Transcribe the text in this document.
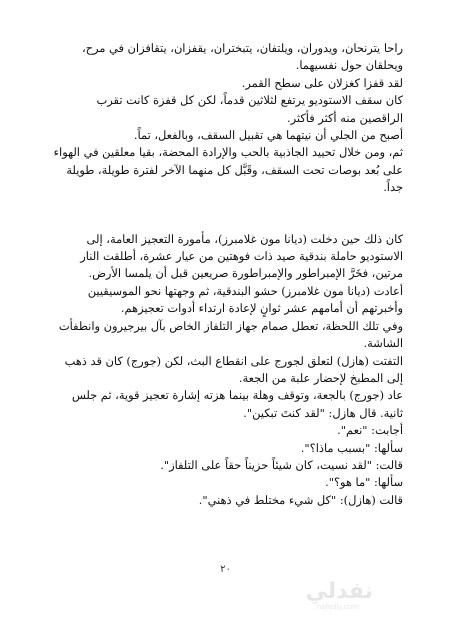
راحا يترنحان، ويدوران، ويلتفان، يتبختران، يقفزان، يتقافزان في مرح، ويحلقان حول نفسيهما.

لقد قفزا كغزلان على سطح القمر.

كان سقف الاستوديو يرتفع لثلاثين قدماً، لكن كل قفزة كانت تقرب الراقصين منه أكثر فأكثر.

أصبح من الجلي أن نيتهما هي تقبيل السقف، وبالفعل، تماً.

ثم، ومن خلال تحييد الجاذبية بالحب والإرادة المحضة، بقيا معلقين في الهواء على بُعد بوصات تحت السقف، وقَبَّل كل منهما الآخر لفترة طويلة، طويلة جداً.

كان ذلك حين دخلت (ديانا مون غلامبرز)، مأمورة التعجيز العامة، إلى الاستوديو حاملة بندقية صيد ذات فوهتين من عيار عشرة، أطلقت النار مرتين، فخَرَّ الإمبراطور والإمبراطورة صريعين قبل أن يلمسا الأرض.

أعادت (ديانا مون غلامبرز) حشو البندقية، ثم وجهتها نحو الموسيقيين وأخبرتهم أن أمامهم عشر ثوانٍ لإعادة ارتداء أدوات تعجيزهم.

وفي تلك اللحظة، تعطل صمام جهاز التلفاز الخاص بآل بيرجيرون وانطفأت الشاشة.

التفتت (هازل) لتعلق لجورج على انقطاع البث، لكن (جورج) كان قد ذهب إلى المطبخ لإحضار علبة من الجعة.

عاد (جورج) بالجعة، وتوقف وهلة بينما هزته إشارة تعجيز قوية، ثم جلس ثانية. قال هازل: "لقد كنتَ تبكين".

أجابت: "نعم".

سألها: "بسبب ماذا؟".

قالت: "لقد نسيت، كان شيئاً حزيناً حقاً على التلفاز".

سألها: "ما هو؟".

قالت (هازل): "كل شيء مختلط في ذهني".

٢٠
نفدلي
nafedly.com
